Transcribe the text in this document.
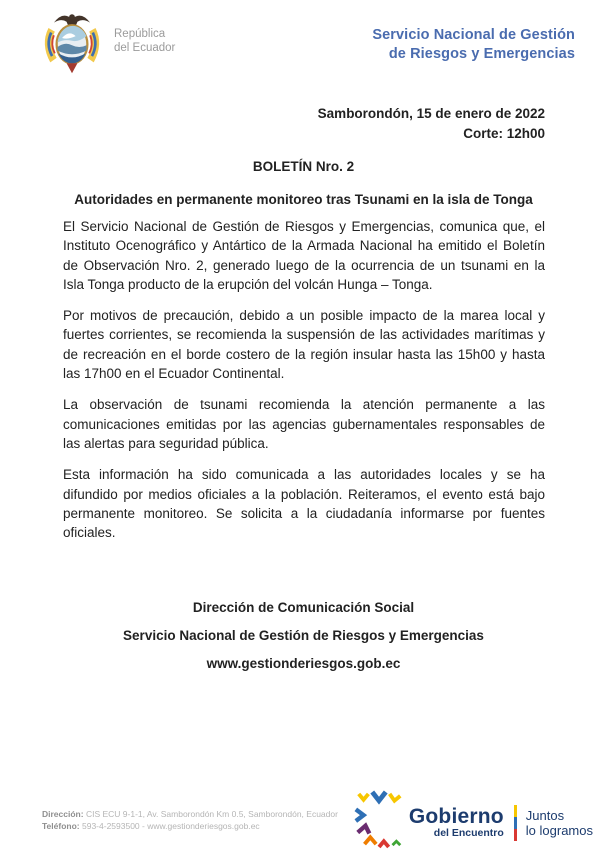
República
del Ecuador
Servicio Nacional de Gestión
de Riesgos y Emergencias
Samborondón, 15 de enero de 2022
Corte: 12h00
BOLETÍN Nro. 2
Autoridades en permanente monitoreo tras Tsunami en la isla de Tonga

El Servicio Nacional de Gestión de Riesgos y Emergencias, comunica que, el Instituto Ocenográfico y Antártico de la Armada Nacional ha emitido el Boletín de Observación Nro. 2, generado luego de la ocurrencia de un tsunami en la Isla Tonga producto de la erupción del volcán Hunga – Tonga.

Por motivos de precaución, debido a un posible impacto de la marea local y fuertes corrientes, se recomienda la suspensión de las actividades marítimas y de recreación en el borde costero de la región insular hasta las 15h00 y hasta las 17h00 en el Ecuador Continental.

La observación de tsunami recomienda la atención permanente a las comunicaciones emitidas por las agencias gubernamentales responsables de las alertas para seguridad pública.

Esta información ha sido comunicada a las autoridades locales y se ha difundido por medios oficiales a la población. Reiteramos, el evento está bajo permanente monitoreo. Se solicita a la ciudadanía informarse por fuentes oficiales.

Dirección de Comunicación Social
Servicio Nacional de Gestión de Riesgos y Emergencias
www.gestionderiesgos.gob.ec
Dirección: CIS ECU 9-1-1, Av. Samborondón Km 0.5, Samborondón, Ecuador
Teléfono: 593-4-2593500 - www.gestionderiesgos.gob.ec	Gobierno
del Encuentro
Juntos
lo logramos
